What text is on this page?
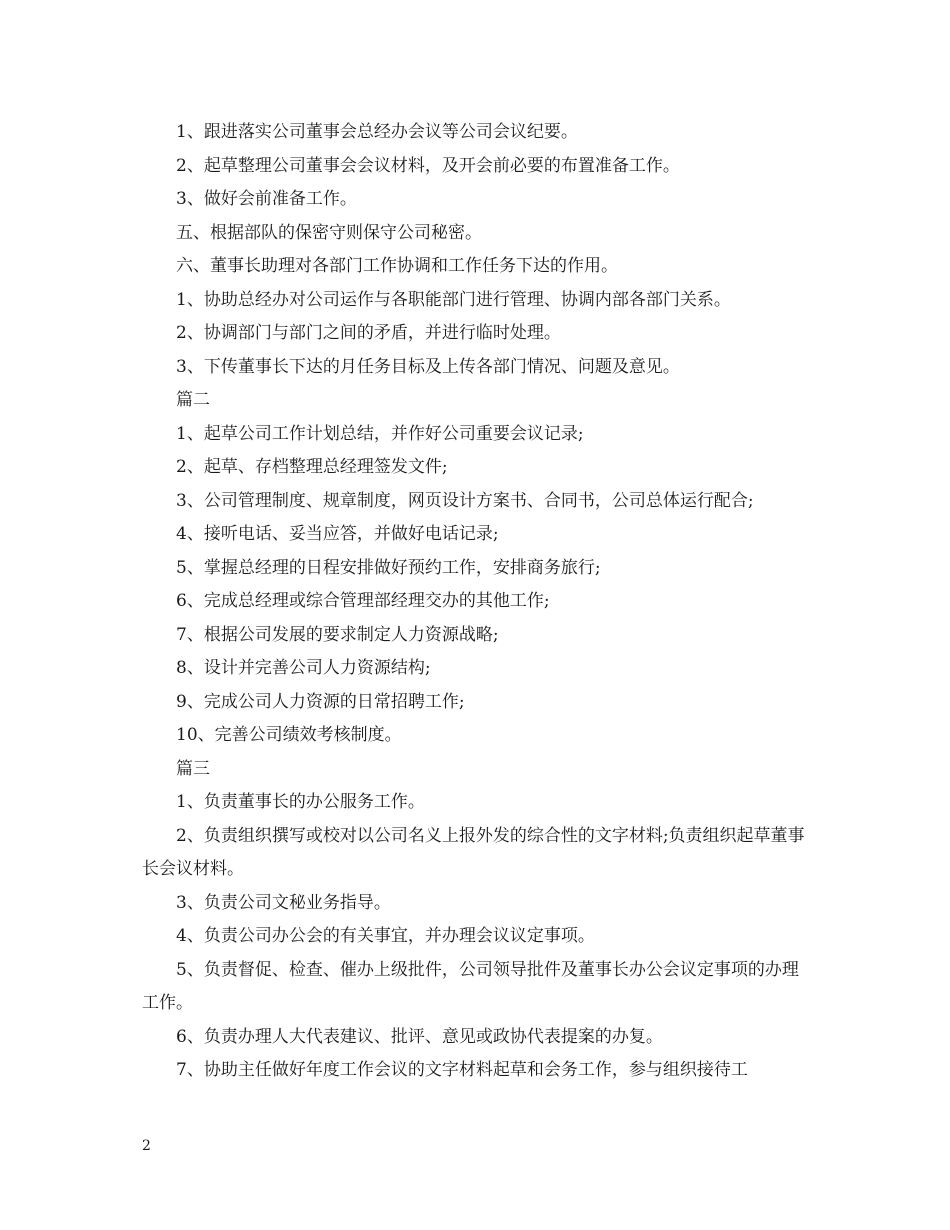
1、跟进落实公司董事会总经办会议等公司会议纪要。

2、起草整理公司董事会会议材料，及开会前必要的布置准备工作。

3、做好会前准备工作。

五、根据部队的保密守则保守公司秘密。

六、董事长助理对各部门工作协调和工作任务下达的作用。

1、协助总经办对公司运作与各职能部门进行管理、协调内部各部门关系。

2、协调部门与部门之间的矛盾，并进行临时处理。

3、下传董事长下达的月任务目标及上传各部门情况、问题及意见。

篇二

1、起草公司工作计划总结，并作好公司重要会议记录;

2、起草、存档整理总经理签发文件;

3、公司管理制度、规章制度，网页设计方案书、合同书，公司总体运行配合;

4、接听电话、妥当应答，并做好电话记录;

5、掌握总经理的日程安排做好预约工作，安排商务旅行;

6、完成总经理或综合管理部经理交办的其他工作;

7、根据公司发展的要求制定人力资源战略;

8、设计并完善公司人力资源结构;

9、完成公司人力资源的日常招聘工作;

10、完善公司绩效考核制度。

篇三

1、负责董事长的办公服务工作。

2、负责组织撰写或校对以公司名义上报外发的综合性的文字材料;负责组织起草董事长会议材料。

3、负责公司文秘业务指导。

4、负责公司办公会的有关事宜，并办理会议议定事项。

5、负责督促、检查、催办上级批件，公司领导批件及董事长办公会议定事项的办理工作。

6、负责办理人大代表建议、批评、意见或政协代表提案的办复。

7、协助主任做好年度工作会议的文字材料起草和会务工作，参与组织接待工

2
